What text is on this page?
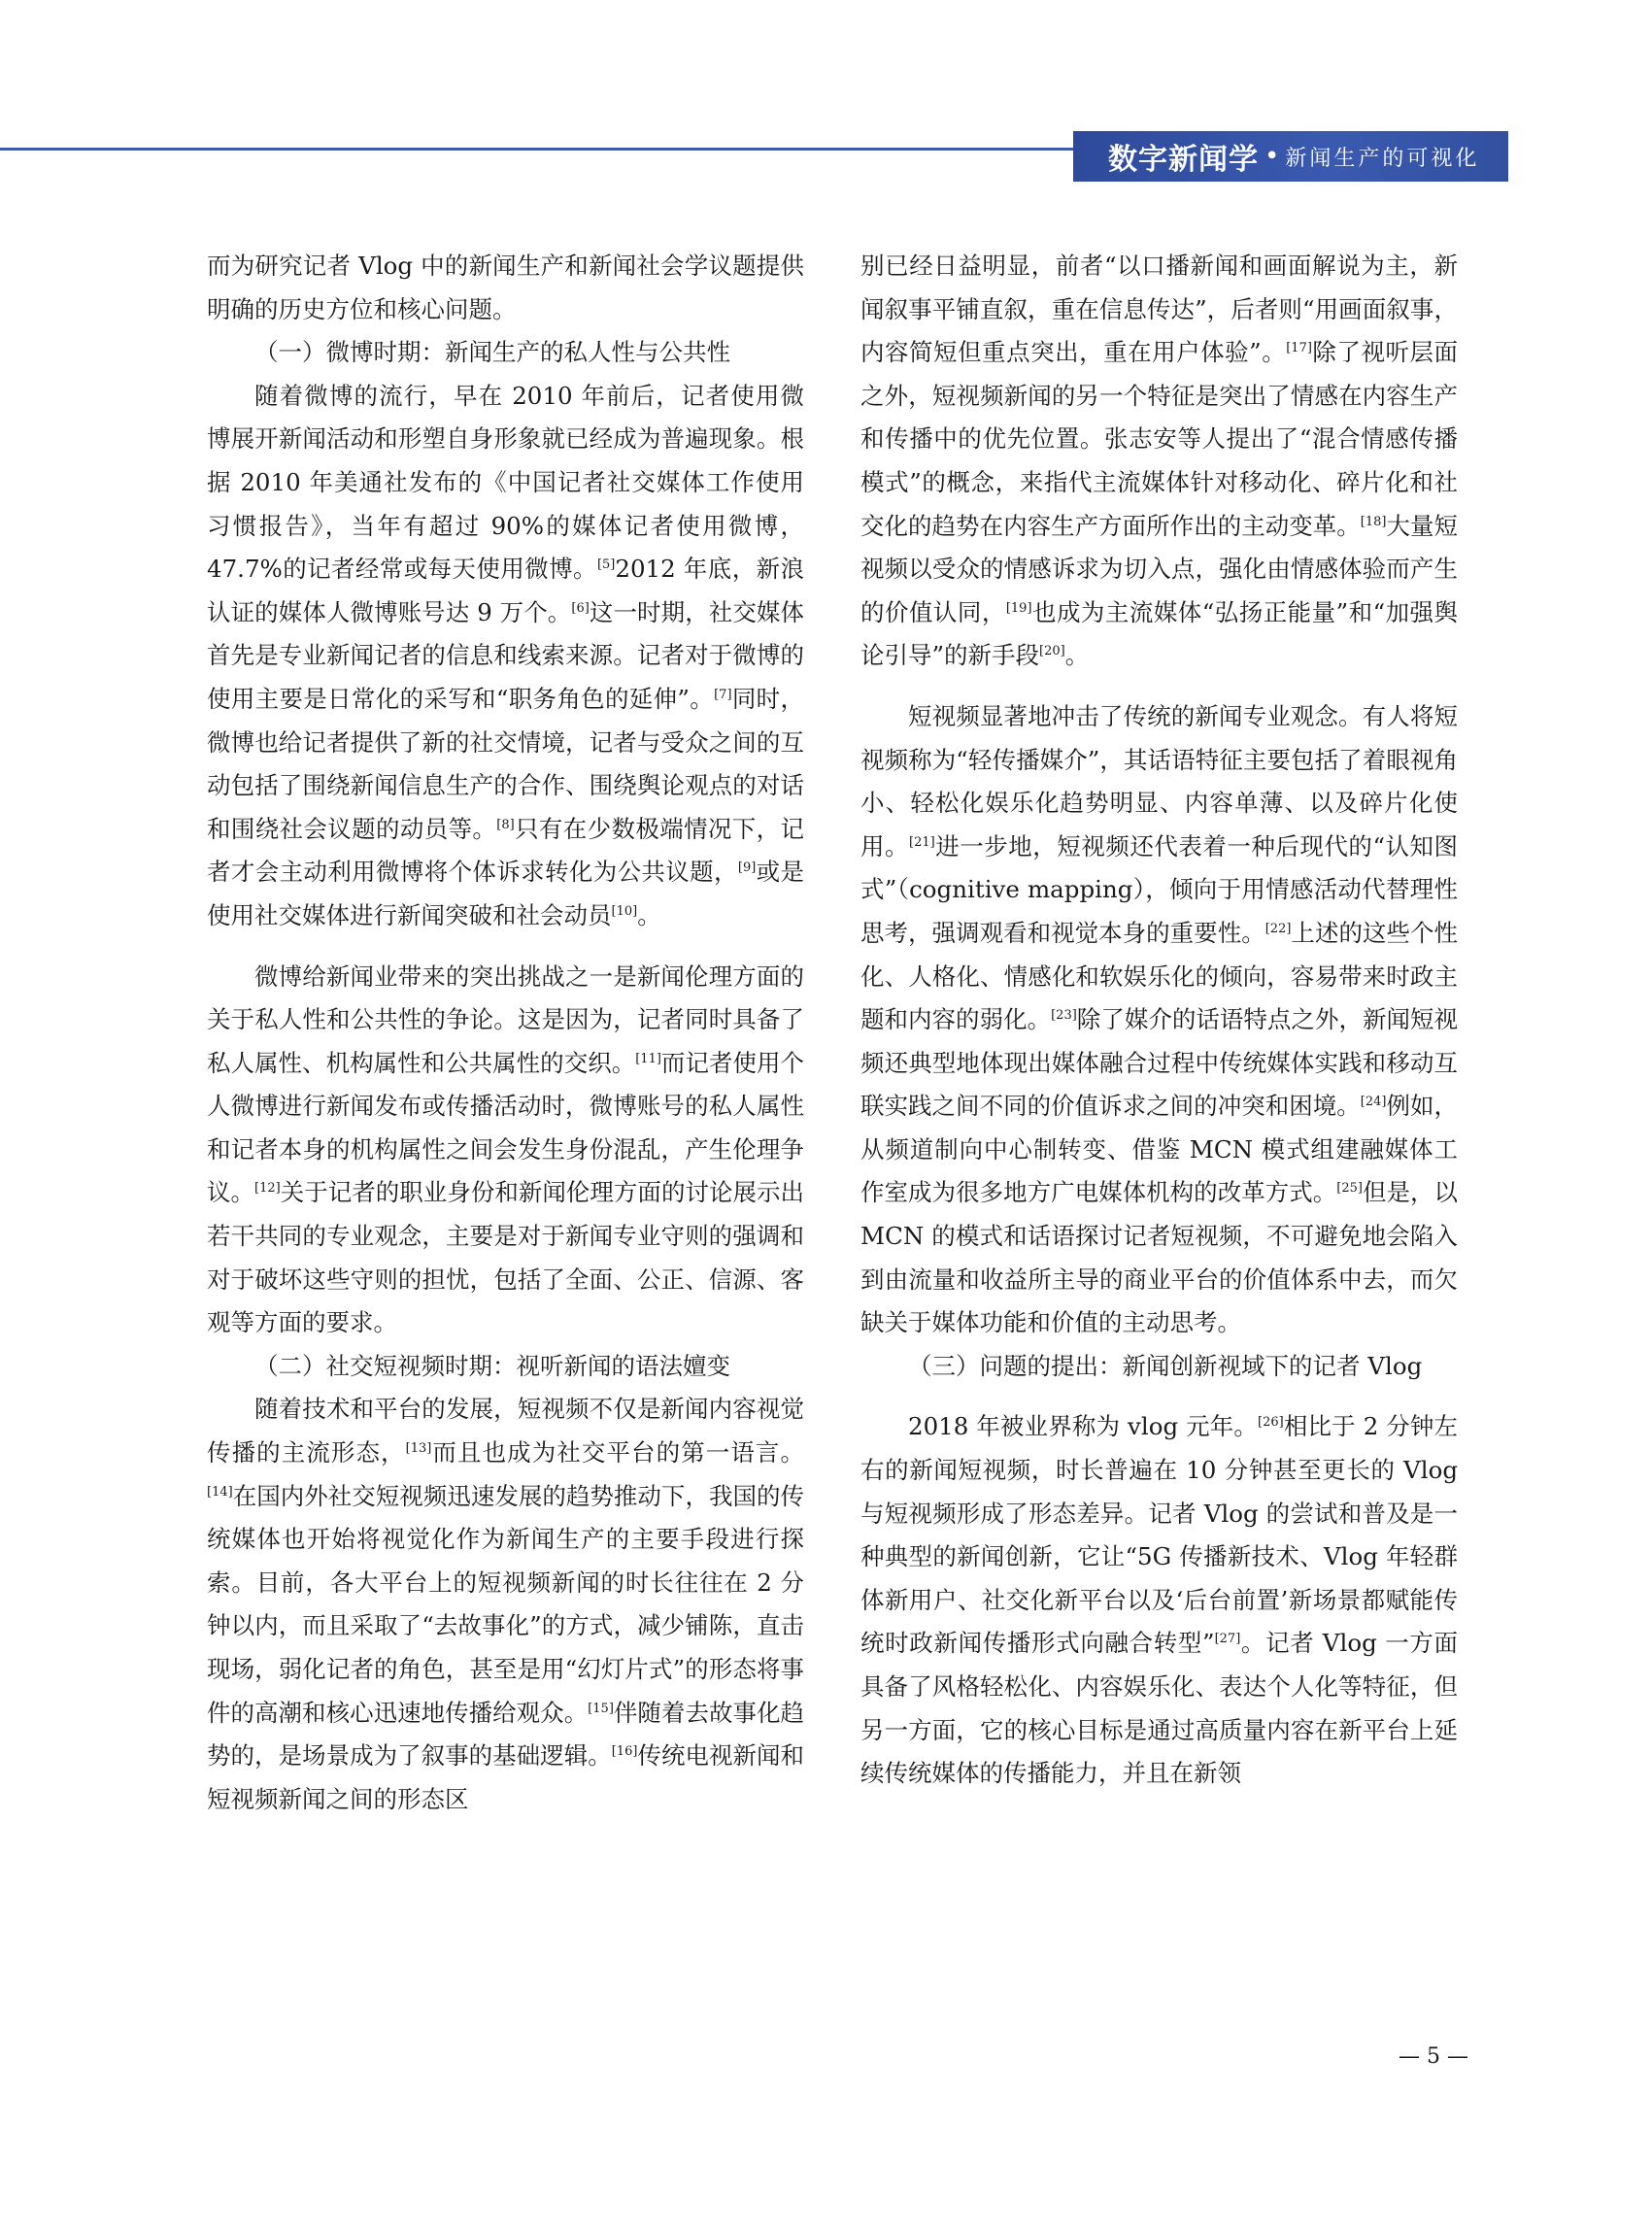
数字新闻学 • 新闻生产的可视化

而为研究记者 Vlog 中的新闻生产和新闻社会学议题提供明确的历史方位和核心问题。

（一）微博时期：新闻生产的私人性与公共性

随着微博的流行，早在 2010 年前后，记者使用微博展开新闻活动和形塑自身形象就已经成为普遍现象。根据 2010 年美通社发布的《中国记者社交媒体工作使用习惯报告》，当年有超过 90%的媒体记者使用微博，47.7%的记者经常或每天使用微博。[5]2012 年底，新浪认证的媒体人微博账号达 9 万个。[6]这一时期，社交媒体首先是专业新闻记者的信息和线索来源。记者对于微博的使用主要是日常化的采写和“职务角色的延伸”。[7]同时，微博也给记者提供了新的社交情境，记者与受众之间的互动包括了围绕新闻信息生产的合作、围绕舆论观点的对话和围绕社会议题的动员等。[8]只有在少数极端情况下，记者才会主动利用微博将个体诉求转化为公共议题，[9]或是使用社交媒体进行新闻突破和社会动员[10]。

微博给新闻业带来的突出挑战之一是新闻伦理方面的关于私人性和公共性的争论。这是因为，记者同时具备了私人属性、机构属性和公共属性的交织。[11]而记者使用个人微博进行新闻发布或传播活动时，微博账号的私人属性和记者本身的机构属性之间会发生身份混乱，产生伦理争议。[12]关于记者的职业身份和新闻伦理方面的讨论展示出若干共同的专业观念，主要是对于新闻专业守则的强调和对于破坏这些守则的担忧，包括了全面、公正、信源、客观等方面的要求。

（二）社交短视频时期：视听新闻的语法嬗变

随着技术和平台的发展，短视频不仅是新闻内容视觉传播的主流形态，[13]而且也成为社交平台的第一语言。[14]在国内外社交短视频迅速发展的趋势推动下，我国的传统媒体也开始将视觉化作为新闻生产的主要手段进行探索。目前，各大平台上的短视频新闻的时长往往在 2 分钟以内，而且采取了“去故事化”的方式，减少铺陈，直击现场，弱化记者的角色，甚至是用“幻灯片式”的形态将事件的高潮和核心迅速地传播给观众。[15]伴随着去故事化趋势的，是场景成为了叙事的基础逻辑。[16]传统电视新闻和短视频新闻之间的形态区

别已经日益明显，前者“以口播新闻和画面解说为主，新闻叙事平铺直叙，重在信息传达”，后者则“用画面叙事，内容简短但重点突出，重在用户体验”。[17]除了视听层面之外，短视频新闻的另一个特征是突出了情感在内容生产和传播中的优先位置。张志安等人提出了“混合情感传播模式”的概念，来指代主流媒体针对移动化、碎片化和社交化的趋势在内容生产方面所作出的主动变革。[18]大量短视频以受众的情感诉求为切入点，强化由情感体验而产生的价值认同，[19]也成为主流媒体“弘扬正能量”和“加强舆论引导”的新手段[20]。

短视频显著地冲击了传统的新闻专业观念。有人将短视频称为“轻传播媒介”，其话语特征主要包括了着眼视角小、轻松化娱乐化趋势明显、内容单薄、以及碎片化使用。[21]进一步地，短视频还代表着一种后现代的“认知图式”（cognitive mapping），倾向于用情感活动代替理性思考，强调观看和视觉本身的重要性。[22]上述的这些个性化、人格化、情感化和软娱乐化的倾向，容易带来时政主题和内容的弱化。[23]除了媒介的话语特点之外，新闻短视频还典型地体现出媒体融合过程中传统媒体实践和移动互联实践之间不同的价值诉求之间的冲突和困境。[24]例如，从频道制向中心制转变、借鉴 MCN 模式组建融媒体工作室成为很多地方广电媒体机构的改革方式。[25]但是，以 MCN 的模式和话语探讨记者短视频，不可避免地会陷入到由流量和收益所主导的商业平台的价值体系中去，而欠缺关于媒体功能和价值的主动思考。

（三）问题的提出：新闻创新视域下的记者 Vlog

2018 年被业界称为 vlog 元年。[26]相比于 2 分钟左右的新闻短视频，时长普遍在 10 分钟甚至更长的 Vlog 与短视频形成了形态差异。记者 Vlog 的尝试和普及是一种典型的新闻创新，它让“5G 传播新技术、Vlog 年轻群体新用户、社交化新平台以及‘后台前置’新场景都赋能传统时政新闻传播形式向融合转型”[27]。记者 Vlog 一方面具备了风格轻松化、内容娱乐化、表达个人化等特征，但另一方面，它的核心目标是通过高质量内容在新平台上延续传统媒体的传播能力，并且在新领

— 5 —
